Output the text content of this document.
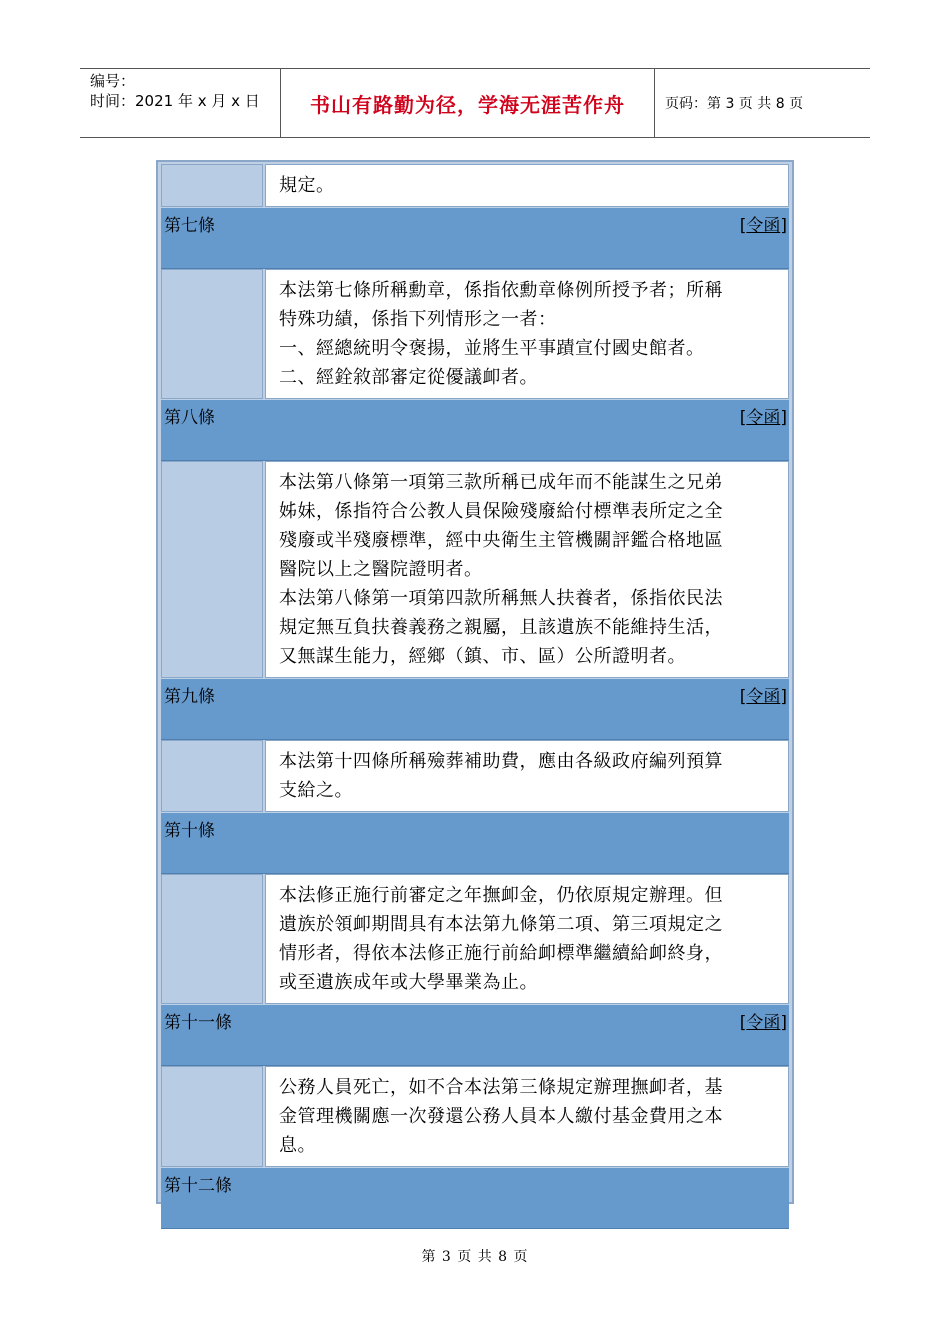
编号：
时间：2021 年 x 月 x 日	书山有路勤为径，学海无涯苦作舟	页码：第 3 页 共 8 页
規定。
第七條	[令函]
本法第七條所稱勳章，係指依勳章條例所授予者；所稱
特殊功績，係指下列情形之一者：
一、經總統明令褒揚，並將生平事蹟宣付國史館者。
二、經銓敘部審定從優議卹者。
第八條	[令函]
本法第八條第一項第三款所稱已成年而不能謀生之兄弟
姊妹，係指符合公教人員保險殘廢給付標準表所定之全
殘廢或半殘廢標準，經中央衛生主管機關評鑑合格地區
醫院以上之醫院證明者。
本法第八條第一項第四款所稱無人扶養者，係指依民法
規定無互負扶養義務之親屬，且該遺族不能維持生活，
又無謀生能力，經鄉（鎮、市、區）公所證明者。
第九條	[令函]
本法第十四條所稱殮葬補助費，應由各級政府編列預算
支給之。
第十條
本法修正施行前審定之年撫卹金，仍依原規定辦理。但
遺族於領卹期間具有本法第九條第二項、第三項規定之
情形者，得依本法修正施行前給卹標準繼續給卹終身，
或至遺族成年或大學畢業為止。
第十一條	[令函]
公務人員死亡，如不合本法第三條規定辦理撫卹者，基
金管理機關應一次發還公務人員本人繳付基金費用之本
息。
第十二條
第 3 页 共 8 页
